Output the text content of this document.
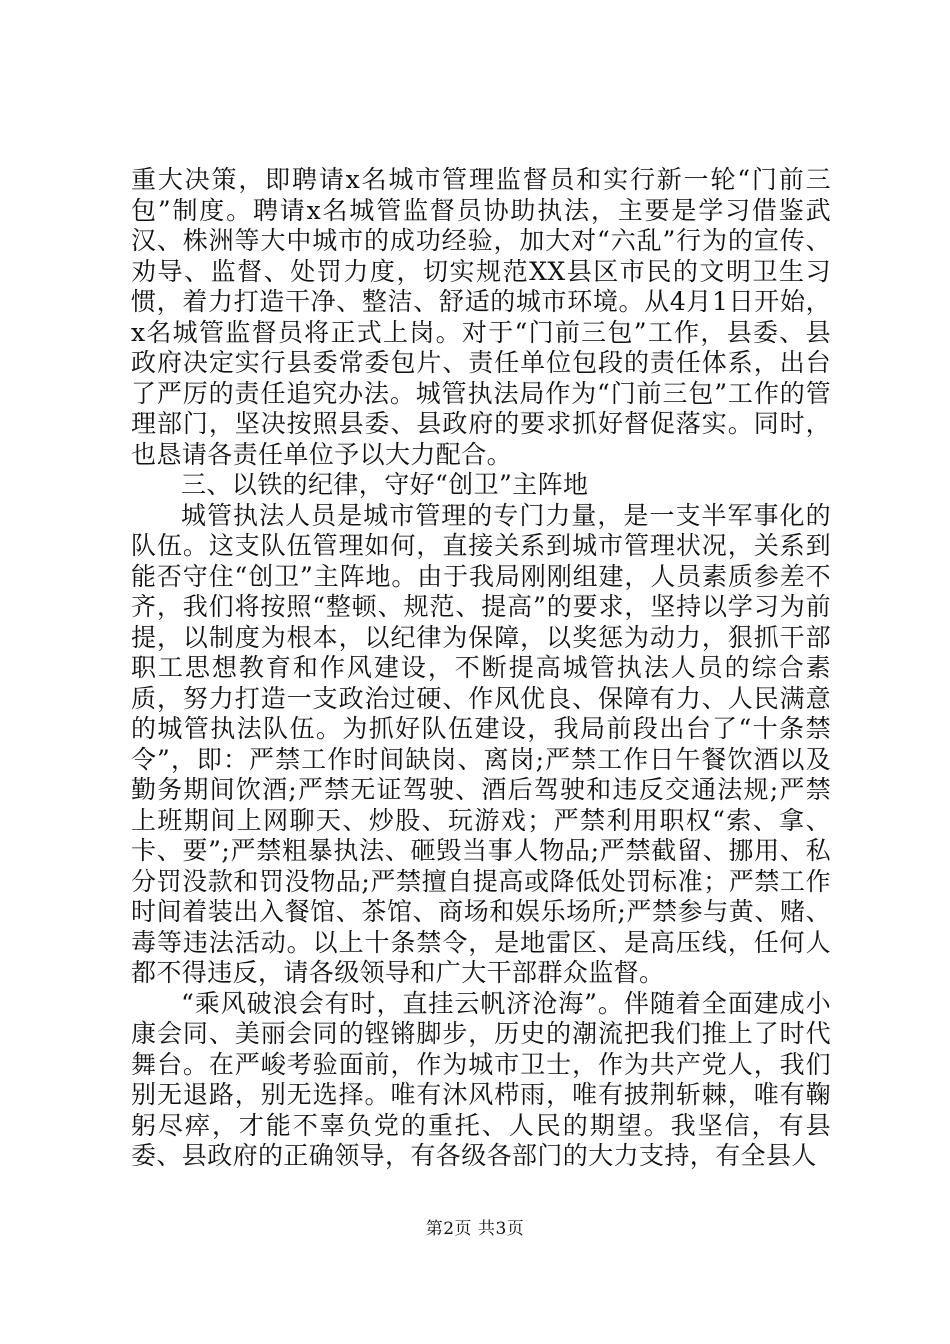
重大决策，即聘请x名城市管理监督员和实行新一轮“门前三包”制度。聘请x名城管监督员协助执法，主要是学习借鉴武汉、株洲等大中城市的成功经验，加大对“六乱”行为的宣传、劝导、监督、处罚力度，切实规范XX县区市民的文明卫生习惯，着力打造干净、整洁、舒适的城市环境。从4月1日开始，x名城管监督员将正式上岗。对于“门前三包”工作，县委、县政府决定实行县委常委包片、责任单位包段的责任体系，出台了严厉的责任追究办法。城管执法局作为“门前三包”工作的管理部门，坚决按照县委、县政府的要求抓好督促落实。同时，也恳请各责任单位予以大力配合。

三、以铁的纪律，守好“创卫”主阵地

城管执法人员是城市管理的专门力量，是一支半军事化的队伍。这支队伍管理如何，直接关系到城市管理状况，关系到能否守住“创卫”主阵地。由于我局刚刚组建，人员素质参差不齐，我们将按照“整顿、规范、提高”的要求，坚持以学习为前提，以制度为根本，以纪律为保障，以奖惩为动力，狠抓干部职工思想教育和作风建设，不断提高城管执法人员的综合素质，努力打造一支政治过硬、作风优良、保障有力、人民满意的城管执法队伍。为抓好队伍建设，我局前段出台了“十条禁令”，即：严禁工作时间缺岗、离岗;严禁工作日午餐饮酒以及勤务期间饮酒;严禁无证驾驶、酒后驾驶和违反交通法规;严禁上班期间上网聊天、炒股、玩游戏；严禁利用职权“索、拿、卡、要”;严禁粗暴执法、砸毁当事人物品;严禁截留、挪用、私分罚没款和罚没物品;严禁擅自提高或降低处罚标准；严禁工作时间着装出入餐馆、茶馆、商场和娱乐场所;严禁参与黄、赌、毒等违法活动。以上十条禁令，是地雷区、是高压线，任何人都不得违反，请各级领导和广大干部群众监督。

“乘风破浪会有时，直挂云帆济沧海”。伴随着全面建成小康会同、美丽会同的铿锵脚步，历史的潮流把我们推上了时代舞台。在严峻考验面前，作为城市卫士，作为共产党人，我们别无退路，别无选择。唯有沐风栉雨，唯有披荆斩棘，唯有鞠躬尽瘁，才能不辜负党的重托、人民的期望。我坚信，有县委、县政府的正确领导，有各级各部门的大力支持，有全县人

第2页 共3页
